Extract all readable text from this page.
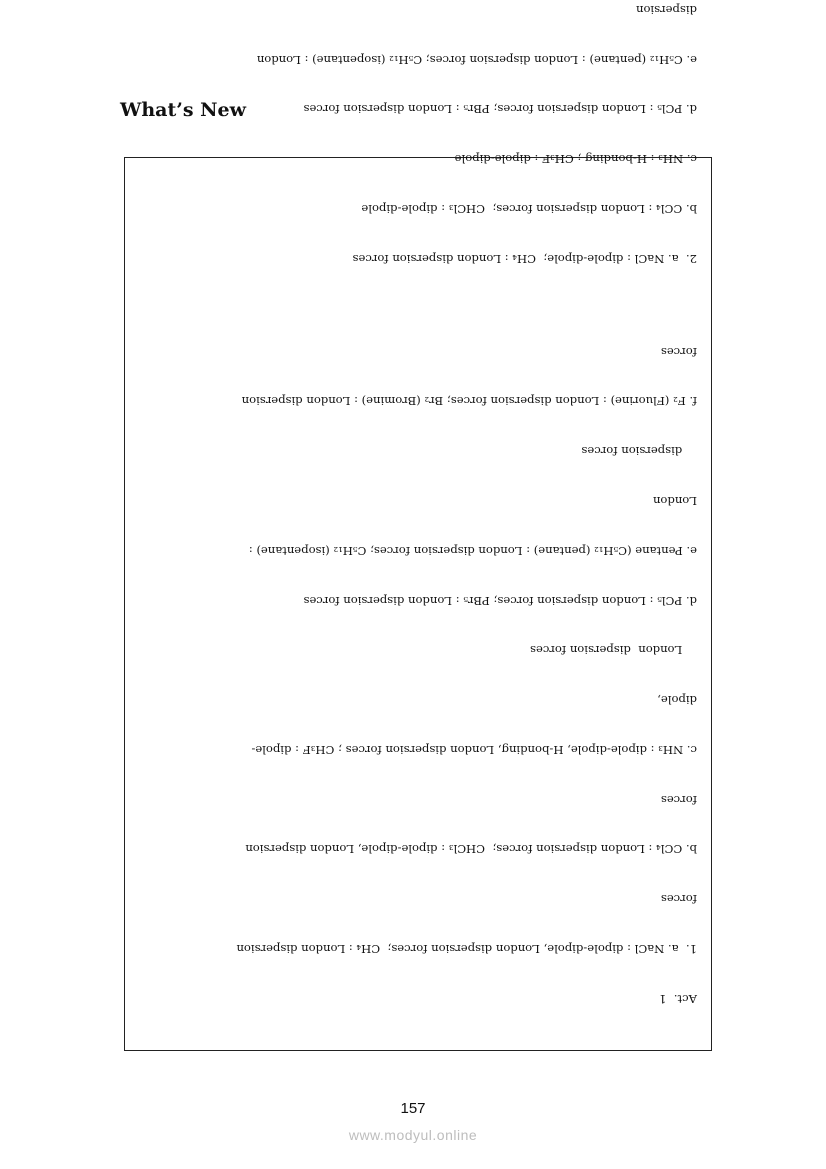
What’s New

Act.  1

1.  a. NaCl : dipole-dipole, London dispersion forces;  CH₄ : London dispersion

forces

b. CCl₄ : London dispersion forces;  CHCl₃ : dipole-dipole, London dispersion

forces

c. NH₃ : dipole-dipole, H-bonding, London dispersion forces ; CH₃F : dipole-

dipole,

London  dispersion forces

d. PCl₅ : London dispersion forces; PBr₅ : London dispersion forces

e. Pentane (C₅H₁₂ (pentane) : London dispersion forces; C₅H₁₂ (isopentane) :

London

dispersion forces

f. F₂ (Fluorine) : London dispersion forces; Br₂ (Bromine) : London dispersion

forces

2.  a. NaCl : dipole-dipole;  CH₄ : London dispersion forces

b. CCl₄ : London dispersion forces;  CHCl₃ : dipole-dipole

c. NH₃ : H-bonding ; CH₃F : dipole-dipole

d. PCl₅ : London dispersion forces; PBr₅ : London dispersion forces

e. C₅H₁₂ (pentane) : London dispersion forces; C₅H₁₂ (isopentane) : London

dispersion

157
www.modyul.online
